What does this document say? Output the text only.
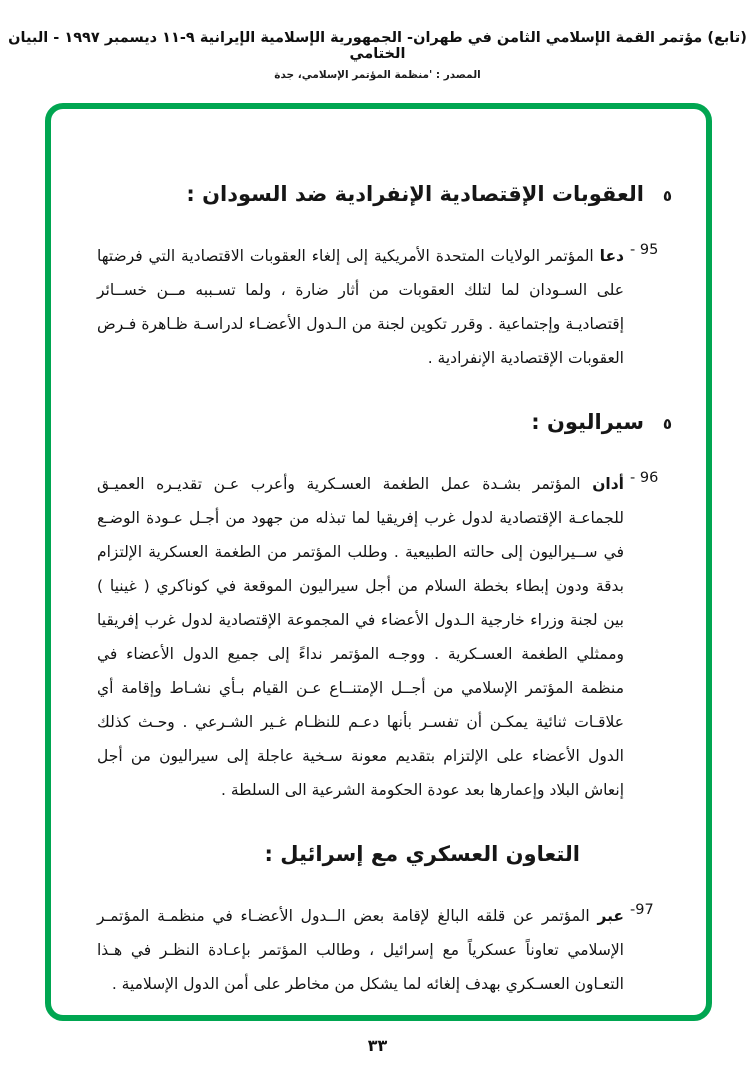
(تابع) مؤتمر القمة الإسلامي الثامن في طهران- الجمهورية الإسلامية الإيرانية ٩-١١ ديسمبر ١٩٩٧ - البيان الختامي
المصدر : 'منظمة المؤتمر الإسلامي، جدة
٥
العقوبات الإقتصادية الإنفرادية ضد السودان :
- 95

دعا المؤتمر الولايات المتحدة الأمريكية إلى إلغاء العقوبات الاقتصادية التي فرضتها على السـودان لما لتلك العقوبات من أثار ضارة ، ولما تسـببه مــن خســائر إقتصاديـة وإجتماعية . وقرر تكوين لجنة من الـدول الأعضـاء لدراسـة ظـاهرة فـرض العقوبات الإقتصادية الإنفرادية .

٥
سيراليون :
- 96

أدان المؤتمر بشـدة عمل الطغمة العسـكرية وأعرب عـن تقديـره العميـق للجماعـة الإقتصادية لدول غرب إفريقيا لما تبذله من جهود من أجـل عـودة الوضـع في ســيراليون إلى حالته الطبيعية . وطلب المؤتمر من الطغمة العسكرية الإلتزام بدقة ودون إبطاء بخطة السلام من أجل سيراليون الموقعة في كوناكري ( غينيا ) بين لجنة وزراء خارجية الـدول الأعضاء في المجموعة الإقتصادية لدول غرب إفريقيا وممثلي الطغمة العسـكرية . ووجـه المؤتمر نداءً إلى جميع الدول الأعضاء في منظمة المؤتمر الإسلامي من أجــل الإمتنــاع عـن القيام بـأي نشـاط وإقامة أي علاقـات ثنائية يمكـن أن تفسـر بأنها دعـم للنظـام غـير الشـرعي . وحـث كذلك الدول الأعضاء على الإلتزام بتقديم معونة سـخية عاجلة إلى سيراليون من أجل إنعاش البلاد وإعمارها بعد عودة الحكومة الشرعية الى السلطة .

التعاون العسكري مع إسرائيل :
-97

عبر المؤتمر عن قلقه البالغ لإقامة بعض الــدول الأعضـاء في منظمـة المؤتمـر الإسلامي تعاوناً عسكرياً مع إسرائيل ، وطالب المؤتمر بإعـادة النظـر في هـذا التعـاون العسـكري بهدف إلغائه لما يشكل من مخاطر على أمن الدول الإسلامية .

٣٣
